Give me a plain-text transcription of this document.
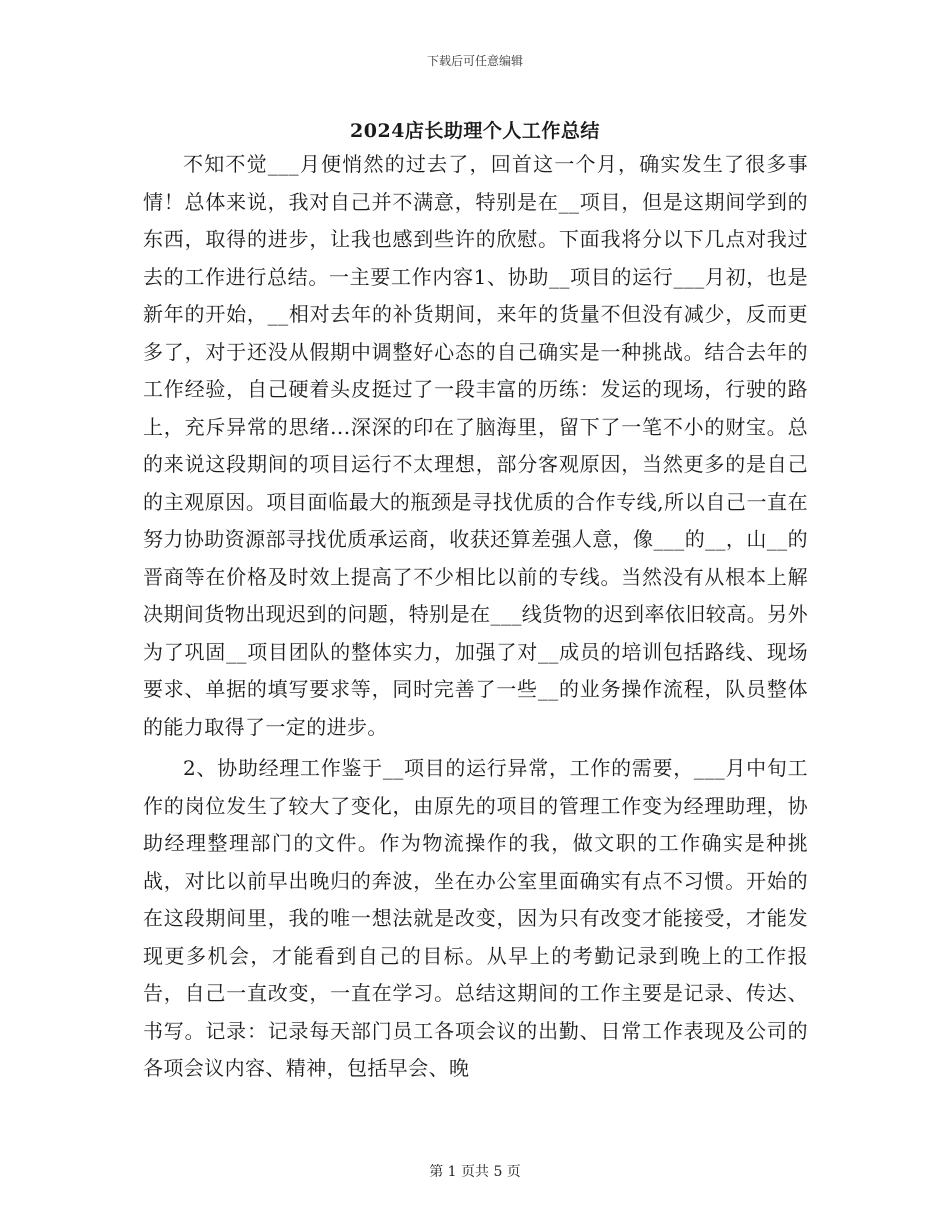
下载后可任意编辑
2024店长助理个人工作总结

不知不觉___月便悄然的过去了，回首这一个月，确实发生了很多事情！总体来说，我对自己并不满意，特别是在__项目，但是这期间学到的东西，取得的进步，让我也感到些许的欣慰。下面我将分以下几点对我过去的工作进行总结。一主要工作内容1、协助__项目的运行___月初，也是新年的开始，__相对去年的补货期间，来年的货量不但没有减少，反而更多了，对于还没从假期中调整好心态的自己确实是一种挑战。结合去年的工作经验，自己硬着头皮挺过了一段丰富的历练：发运的现场，行驶的路上，充斥异常的思绪...深深的印在了脑海里，留下了一笔不小的财宝。总的来说这段期间的项目运行不太理想，部分客观原因，当然更多的是自己的主观原因。项目面临最大的瓶颈是寻找优质的合作专线,所以自己一直在努力协助资源部寻找优质承运商，收获还算差强人意，像___的__，山__的晋商等在价格及时效上提高了不少相比以前的专线。当然没有从根本上解决期间货物出现迟到的问题，特别是在___线货物的迟到率依旧较高。另外为了巩固__项目团队的整体实力，加强了对__成员的培训包括路线、现场要求、单据的填写要求等，同时完善了一些__的业务操作流程，队员整体的能力取得了一定的进步。

2、协助经理工作鉴于__项目的运行异常，工作的需要，___月中旬工作的岗位发生了较大了变化，由原先的项目的管理工作变为经理助理，协助经理整理部门的文件。作为物流操作的我，做文职的工作确实是种挑战，对比以前早出晚归的奔波，坐在办公室里面确实有点不习惯。开始的在这段期间里，我的唯一想法就是改变，因为只有改变才能接受，才能发现更多机会，才能看到自己的目标。从早上的考勤记录到晚上的工作报告，自己一直改变，一直在学习。总结这期间的工作主要是记录、传达、书写。记录：记录每天部门员工各项会议的出勤、日常工作表现及公司的各项会议内容、精神，包括早会、晚

第 1 页共 5 页
